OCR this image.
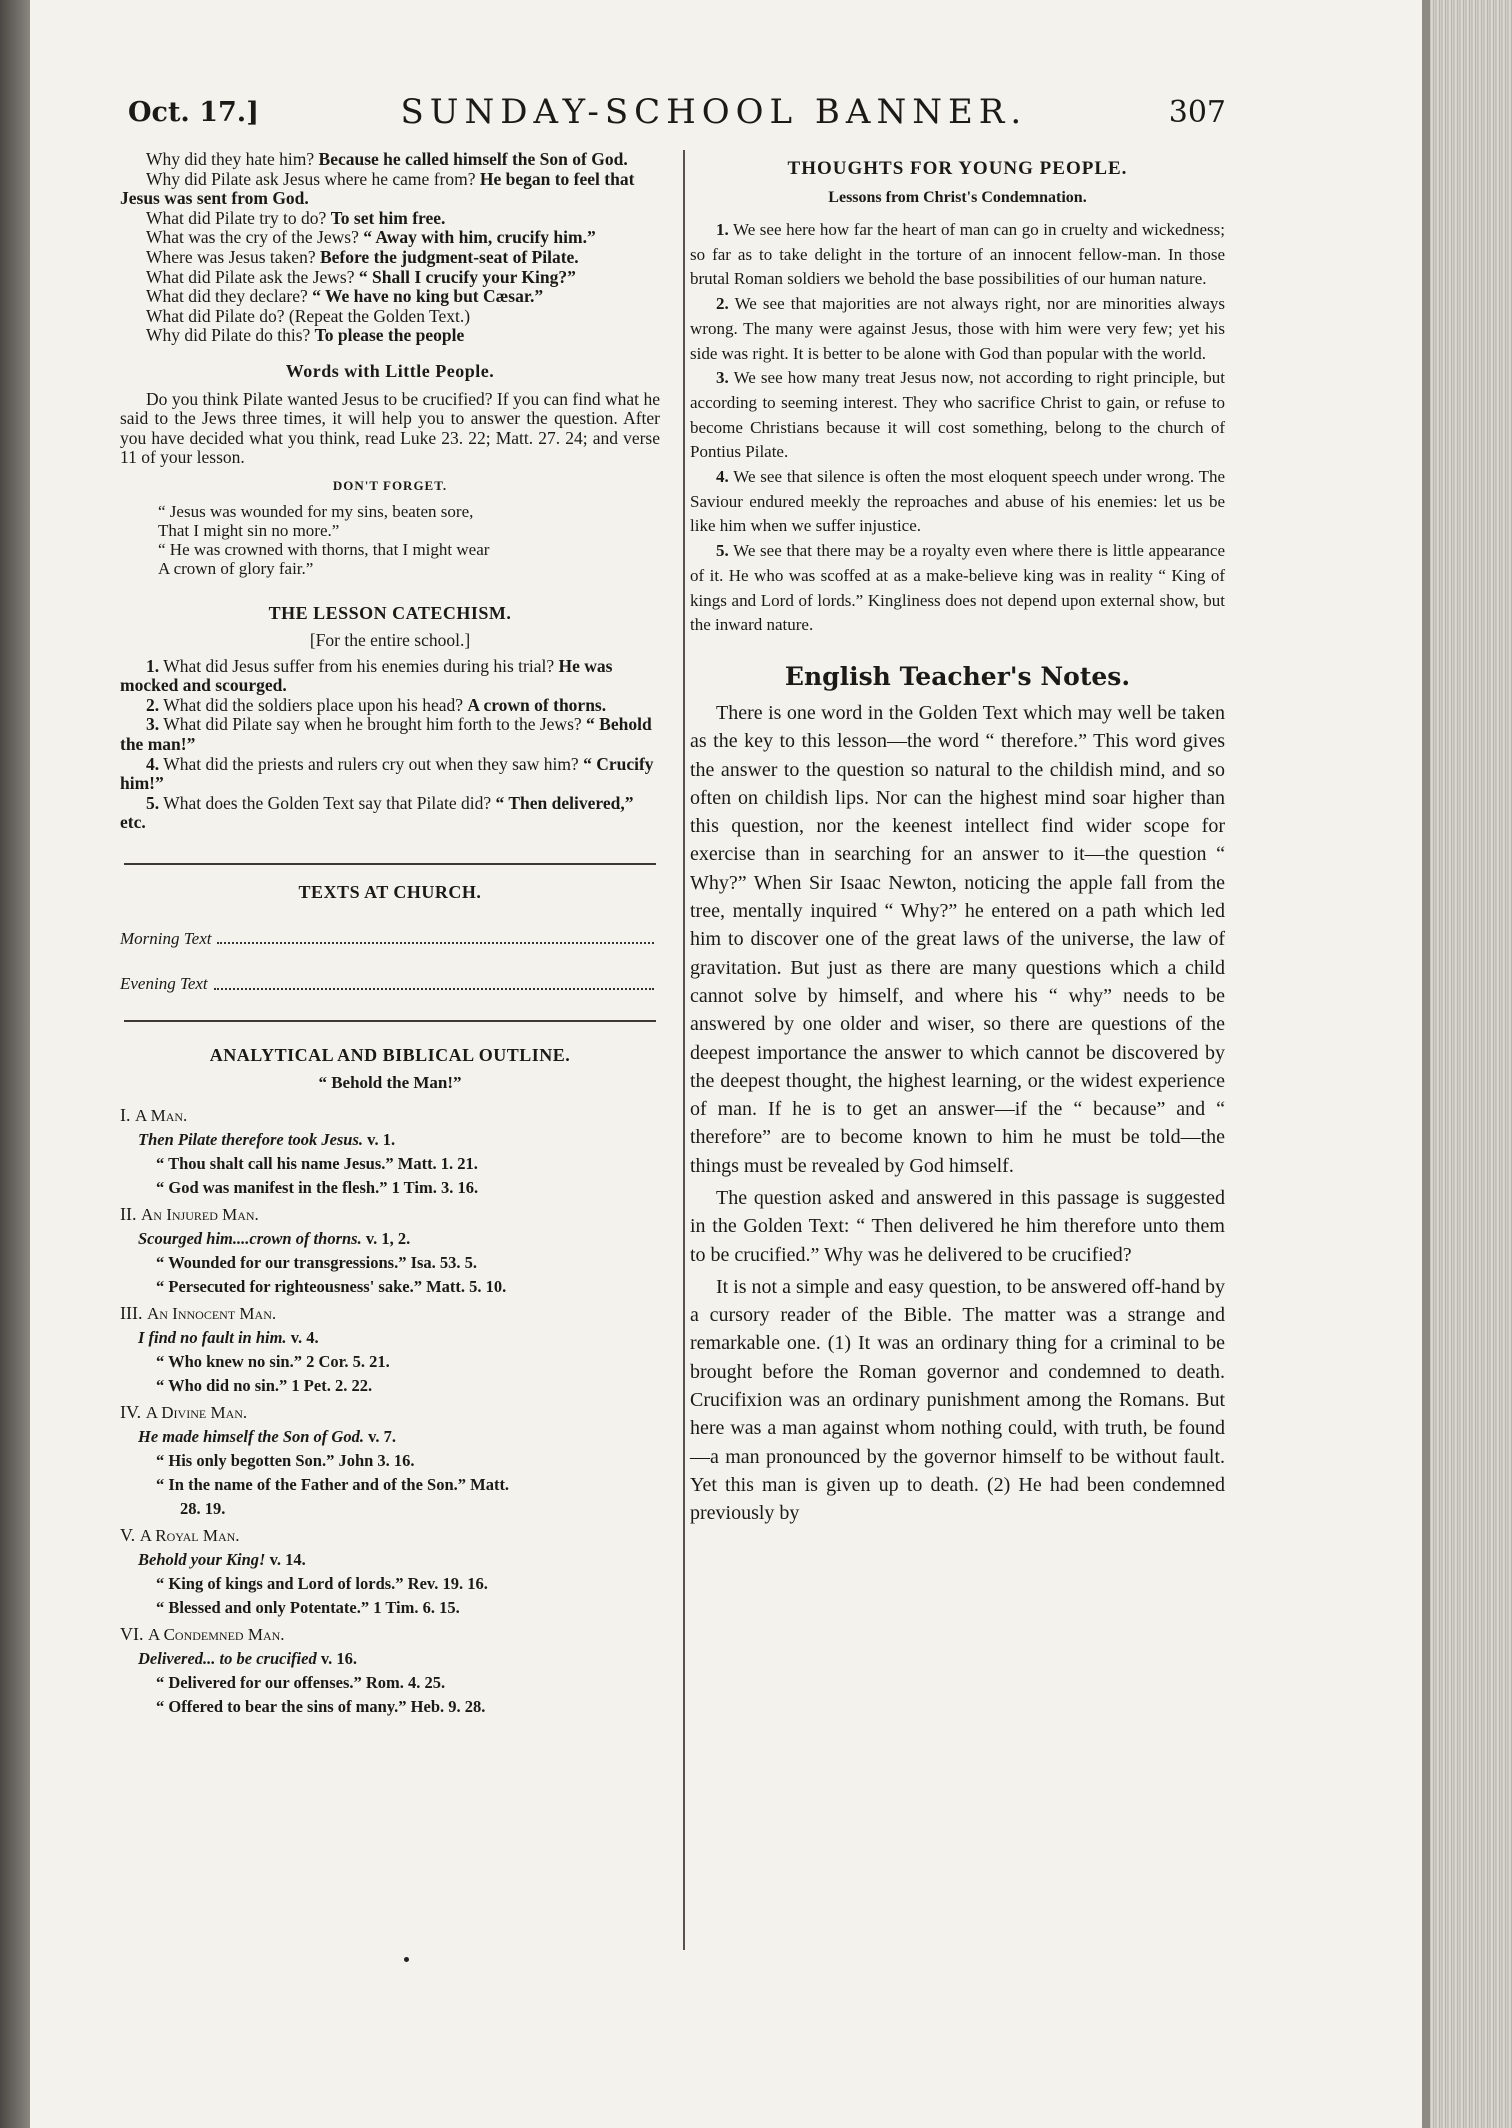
Oct. 17.]	SUNDAY-SCHOOL BANNER.	307

Why did they hate him? Because he called himself the Son of God.

Why did Pilate ask Jesus where he came from? He began to feel that Jesus was sent from God.

What did Pilate try to do? To set him free.

What was the cry of the Jews? “ Away with him, crucify him.”

Where was Jesus taken? Before the judgment-seat of Pilate.

What did Pilate ask the Jews? “ Shall I crucify your King?”

What did they declare? “ We have no king but Cæsar.”

What did Pilate do? (Repeat the Golden Text.)

Why did Pilate do this? To please the people

Words with Little People.

Do you think Pilate wanted Jesus to be crucified? If you can find what he said to the Jews three times, it will help you to answer the question. After you have decided what you think, read Luke 23. 22; Matt. 27. 24; and verse 11 of your lesson.

DON'T FORGET.
“ Jesus was wounded for my sins, beaten sore,
That I might sin no more.”
“ He was crowned with thorns, that I might wear
A crown of glory fair.”
THE LESSON CATECHISM.
[For the entire school.]

1. What did Jesus suffer from his enemies during his trial? He was mocked and scourged.

2. What did the soldiers place upon his head? A crown of thorns.

3. What did Pilate say when he brought him forth to the Jews? “ Behold the man!”

4. What did the priests and rulers cry out when they saw him? “ Crucify him!”

5. What does the Golden Text say that Pilate did? “ Then delivered,” etc.

TEXTS AT CHURCH.
Morning Text
Evening Text
ANALYTICAL AND BIBLICAL OUTLINE.
“ Behold the Man!”
I. A Man.
Then Pilate therefore took Jesus. v. 1.
“ Thou shalt call his name Jesus.” Matt. 1. 21.
“ God was manifest in the flesh.” 1 Tim. 3. 16.
II. An Injured Man.
Scourged him....crown of thorns. v. 1, 2.
“ Wounded for our transgressions.” Isa. 53. 5.
“ Persecuted for righteousness' sake.” Matt. 5. 10.
III. An Innocent Man.
I find no fault in him. v. 4.
“ Who knew no sin.” 2 Cor. 5. 21.
“ Who did no sin.” 1 Pet. 2. 22.
IV. A Divine Man.
He made himself the Son of God. v. 7.
“ His only begotten Son.” John 3. 16.
“ In the name of the Father and of the Son.” Matt.
28. 19.
V. A Royal Man.
Behold your King! v. 14.
“ King of kings and Lord of lords.” Rev. 19. 16.
“ Blessed and only Potentate.” 1 Tim. 6. 15.
VI. A Condemned Man.
Delivered... to be crucified v. 16.
“ Delivered for our offenses.” Rom. 4. 25.
“ Offered to bear the sins of many.” Heb. 9. 28.
THOUGHTS FOR YOUNG PEOPLE.
Lessons from Christ's Condemnation.

1. We see here how far the heart of man can go in cruelty and wickedness; so far as to take delight in the torture of an innocent fellow-man. In those brutal Roman soldiers we behold the base possibilities of our human nature.

2. We see that majorities are not always right, nor are minorities always wrong. The many were against Jesus, those with him were very few; yet his side was right. It is better to be alone with God than popular with the world.

3. We see how many treat Jesus now, not according to right principle, but according to seeming interest. They who sacrifice Christ to gain, or refuse to become Christians because it will cost something, belong to the church of Pontius Pilate.

4. We see that silence is often the most eloquent speech under wrong. The Saviour endured meekly the reproaches and abuse of his enemies: let us be like him when we suffer injustice.

5. We see that there may be a royalty even where there is little appearance of it. He who was scoffed at as a make-believe king was in reality “ King of kings and Lord of lords.” Kingliness does not depend upon external show, but the inward nature.

English Teacher's Notes.

There is one word in the Golden Text which may well be taken as the key to this lesson—the word “ therefore.” This word gives the answer to the question so natural to the childish mind, and so often on childish lips. Nor can the highest mind soar higher than this question, nor the keenest intellect find wider scope for exercise than in searching for an answer to it—the question “ Why?” When Sir Isaac Newton, noticing the apple fall from the tree, mentally inquired “ Why?” he entered on a path which led him to discover one of the great laws of the universe, the law of gravitation. But just as there are many questions which a child cannot solve by himself, and where his “ why” needs to be answered by one older and wiser, so there are questions of the deepest importance the answer to which cannot be discovered by the deepest thought, the highest learning, or the widest experience of man. If he is to get an answer—if the “ because” and “ therefore” are to become known to him he must be told—the things must be revealed by God himself.

The question asked and answered in this passage is suggested in the Golden Text: “ Then delivered he him therefore unto them to be crucified.” Why was he delivered to be crucified?

It is not a simple and easy question, to be answered off-hand by a cursory reader of the Bible. The matter was a strange and remarkable one. (1) It was an ordinary thing for a criminal to be brought before the Roman governor and condemned to death. Crucifixion was an ordinary punishment among the Romans. But here was a man against whom nothing could, with truth, be found—a man pronounced by the governor himself to be without fault. Yet this man is given up to death. (2) He had been condemned previously by
